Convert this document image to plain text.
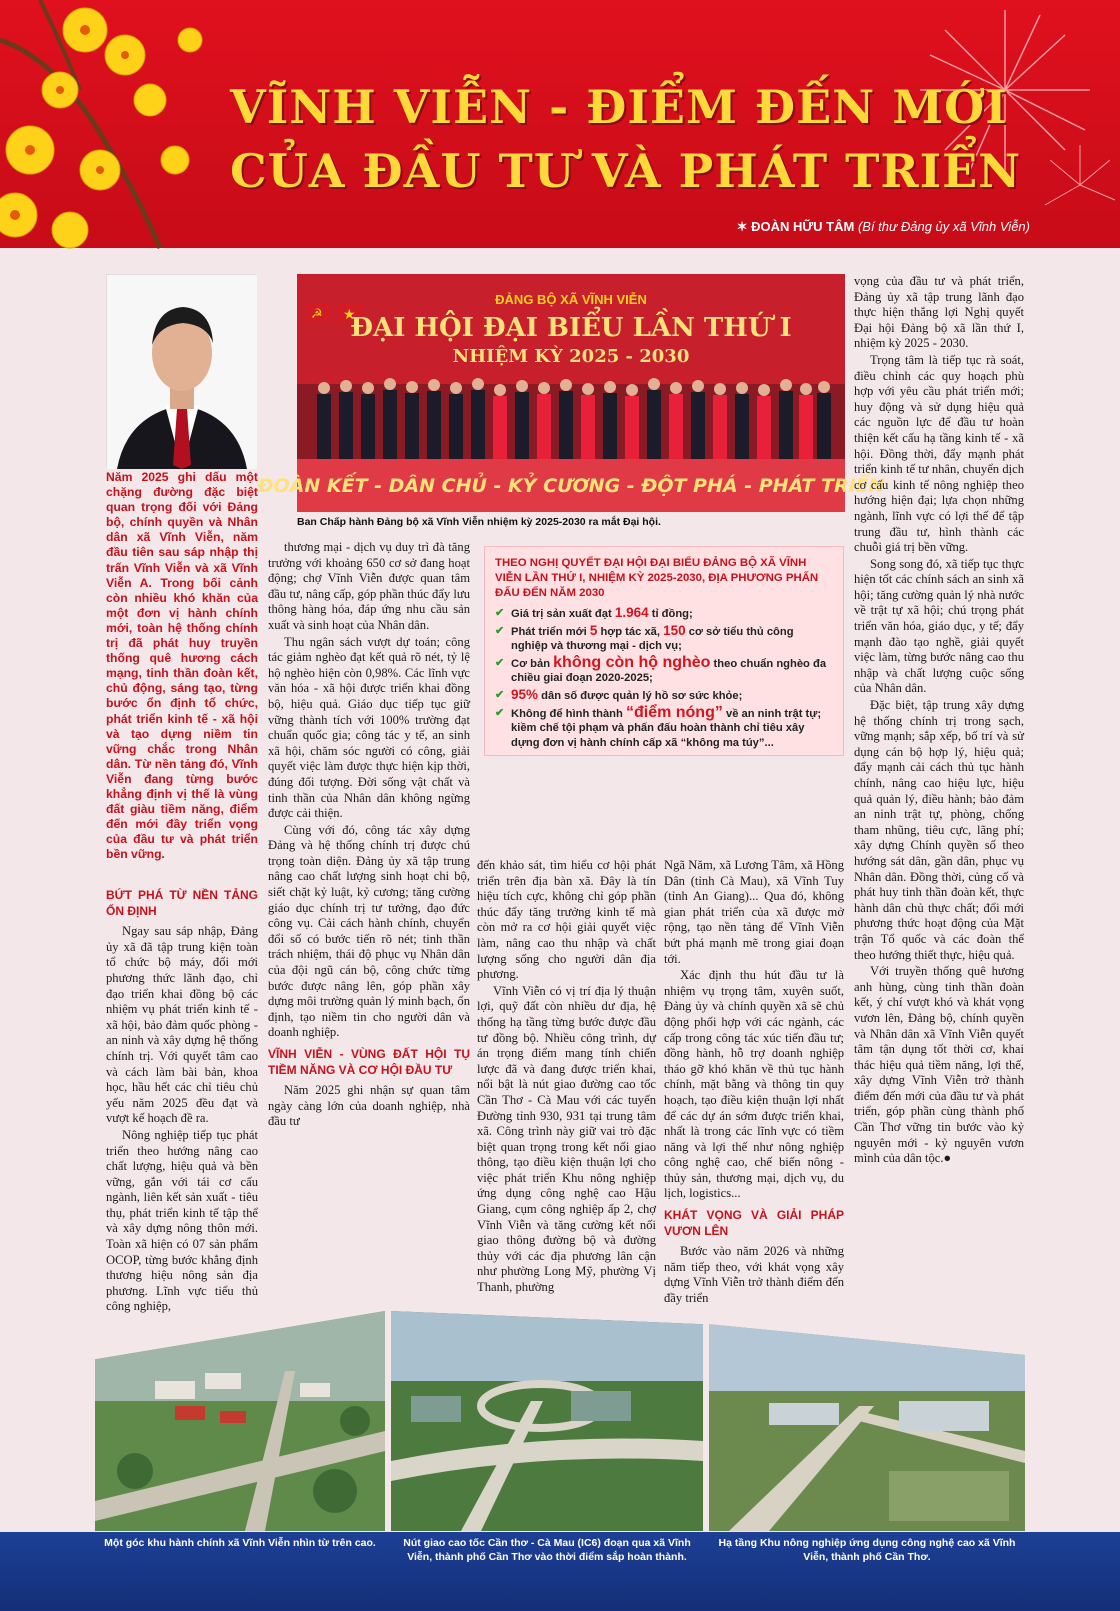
VĨNH VIỄN - ĐIỂM ĐẾN MỚI
CỦA ĐẦU TƯ VÀ PHÁT TRIỂN
✶ ĐOÀN HỮU TÂM (Bí thư Đảng ủy xã Vĩnh Viễn)
☭ ★
ĐẢNG BỘ XÃ VĨNH VIỄN
ĐẠI HỘI ĐẠI BIỂU LẦN THỨ I
NHIỆM KỲ 2025 - 2030
ĐOÀN KẾT - DÂN CHỦ - KỶ CƯƠNG - ĐỘT PHÁ - PHÁT TRIỂN
Ban Chấp hành Đảng bộ xã Vĩnh Viễn nhiệm kỳ 2025-2030 ra mắt Đại hội.
Năm 2025 ghi dấu một chặng đường đặc biệt quan trọng đối với Đảng bộ, chính quyền và Nhân dân xã Vĩnh Viễn, năm đầu tiên sau sáp nhập thị trấn Vĩnh Viễn và xã Vĩnh Viễn A. Trong bối cảnh còn nhiều khó khăn của một đơn vị hành chính mới, toàn hệ thống chính trị đã phát huy truyền thống quê hương cách mạng, tinh thần đoàn kết, chủ động, sáng tạo, từng bước ổn định tổ chức, phát triển kinh tế - xã hội và tạo dựng niềm tin vững chắc trong Nhân dân. Từ nền tảng đó, Vĩnh Viễn đang từng bước khẳng định vị thế là vùng đất giàu tiềm năng, điểm đến mới đầy triển vọng của đầu tư và phát triển bền vững.
BỨT PHÁ TỪ NỀN TẢNG ỔN ĐỊNH

Ngay sau sáp nhập, Đảng ủy xã đã tập trung kiện toàn tổ chức bộ máy, đổi mới phương thức lãnh đạo, chỉ đạo triển khai đồng bộ các nhiệm vụ phát triển kinh tế - xã hội, bảo đảm quốc phòng - an ninh và xây dựng hệ thống chính trị. Với quyết tâm cao và cách làm bài bản, khoa học, hầu hết các chỉ tiêu chủ yếu năm 2025 đều đạt và vượt kế hoạch đề ra.

Nông nghiệp tiếp tục phát triển theo hướng nâng cao chất lượng, hiệu quả và bền vững, gắn với tái cơ cấu ngành, liên kết sản xuất - tiêu thụ, phát triển kinh tế tập thể và xây dựng nông thôn mới. Toàn xã hiện có 07 sản phẩm OCOP, từng bước khẳng định thương hiệu nông sản địa phương. Lĩnh vực tiểu thủ công nghiệp,

thương mại - dịch vụ duy trì đà tăng trưởng với khoảng 650 cơ sở đang hoạt động; chợ Vĩnh Viễn được quan tâm đầu tư, nâng cấp, góp phần thúc đẩy lưu thông hàng hóa, đáp ứng nhu cầu sản xuất và sinh hoạt của Nhân dân.

Thu ngân sách vượt dự toán; công tác giảm nghèo đạt kết quả rõ nét, tỷ lệ hộ nghèo hiện còn 0,98%. Các lĩnh vực văn hóa - xã hội được triển khai đồng bộ, hiệu quả. Giáo dục tiếp tục giữ vững thành tích với 100% trường đạt chuẩn quốc gia; công tác y tế, an sinh xã hội, chăm sóc người có công, giải quyết việc làm được thực hiện kịp thời, đúng đối tượng. Đời sống vật chất và tinh thần của Nhân dân không ngừng được cải thiện.

Cùng với đó, công tác xây dựng Đảng và hệ thống chính trị được chú trọng toàn diện. Đảng ủy xã tập trung nâng cao chất lượng sinh hoạt chi bộ, siết chặt kỷ luật, kỷ cương; tăng cường giáo dục chính trị tư tưởng, đạo đức công vụ. Cải cách hành chính, chuyển đổi số có bước tiến rõ nét; tinh thần trách nhiệm, thái độ phục vụ Nhân dân của đội ngũ cán bộ, công chức từng bước được nâng lên, góp phần xây dựng môi trường quản lý minh bạch, ổn định, tạo niềm tin cho người dân và doanh nghiệp.

VĨNH VIỄN - VÙNG ĐẤT HỘI TỤ TIỀM NĂNG VÀ CƠ HỘI ĐẦU TƯ

Năm 2025 ghi nhận sự quan tâm ngày càng lớn của doanh nghiệp, nhà đầu tư

THEO NGHỊ QUYẾT ĐẠI HỘI ĐẠI BIỂU ĐẢNG BỘ XÃ VĨNH VIỄN LẦN THỨ I, NHIỆM KỲ 2025-2030, ĐỊA PHƯƠNG PHẤN ĐẤU ĐẾN NĂM 2030
✔ Giá trị sản xuất đạt 1.964 tỉ đồng;
✔ Phát triển mới 5 hợp tác xã, 150 cơ sở tiểu thủ công nghiệp và thương mại - dịch vụ;
✔ Cơ bản không còn hộ nghèo theo chuẩn nghèo đa chiều giai đoạn 2020-2025;
✔ 95% dân số được quản lý hồ sơ sức khỏe;
✔ Không để hình thành “điểm nóng” về an ninh trật tự; kiềm chế tội phạm và phấn đấu hoàn thành chỉ tiêu xây dựng đơn vị hành chính cấp xã “không ma túy”...

đến khảo sát, tìm hiểu cơ hội phát triển trên địa bàn xã. Đây là tín hiệu tích cực, không chỉ góp phần thúc đẩy tăng trưởng kinh tế mà còn mở ra cơ hội giải quyết việc làm, nâng cao thu nhập và chất lượng sống cho người dân địa phương.

Vĩnh Viễn có vị trí địa lý thuận lợi, quỹ đất còn nhiều dư địa, hệ thống hạ tầng từng bước được đầu tư đồng bộ. Nhiều công trình, dự án trọng điểm mang tính chiến lược đã và đang được triển khai, nổi bật là nút giao đường cao tốc Cần Thơ - Cà Mau với các tuyến Đường tỉnh 930, 931 tại trung tâm xã. Công trình này giữ vai trò đặc biệt quan trọng trong kết nối giao thông, tạo điều kiện thuận lợi cho việc phát triển Khu nông nghiệp ứng dụng công nghệ cao Hậu Giang, cụm công nghiệp ấp 2, chợ Vĩnh Viễn và tăng cường kết nối giao thông đường bộ và đường thủy với các địa phương lân cận như phường Long Mỹ, phường Vị Thanh, phường

Ngã Năm, xã Lương Tâm, xã Hồng Dân (tỉnh Cà Mau), xã Vĩnh Tuy (tỉnh An Giang)... Qua đó, không gian phát triển của xã được mở rộng, tạo nền tảng để Vĩnh Viễn bứt phá mạnh mẽ trong giai đoạn tới.

Xác định thu hút đầu tư là nhiệm vụ trọng tâm, xuyên suốt, Đảng ủy và chính quyền xã sẽ chủ động phối hợp với các ngành, các cấp trong công tác xúc tiến đầu tư; đồng hành, hỗ trợ doanh nghiệp tháo gỡ khó khăn về thủ tục hành chính, mặt bằng và thông tin quy hoạch, tạo điều kiện thuận lợi nhất để các dự án sớm được triển khai, nhất là trong các lĩnh vực có tiềm năng và lợi thế như nông nghiệp công nghệ cao, chế biến nông - thủy sản, thương mại, dịch vụ, du lịch, logistics...

KHÁT VỌNG VÀ GIẢI PHÁP VƯƠN LÊN

Bước vào năm 2026 và những năm tiếp theo, với khát vọng xây dựng Vĩnh Viễn trở thành điểm đến đầy triển

vọng của đầu tư và phát triển, Đảng ủy xã tập trung lãnh đạo thực hiện thắng lợi Nghị quyết Đại hội Đảng bộ xã lần thứ I, nhiệm kỳ 2025 - 2030.

Trọng tâm là tiếp tục rà soát, điều chỉnh các quy hoạch phù hợp với yêu cầu phát triển mới; huy động và sử dụng hiệu quả các nguồn lực để đầu tư hoàn thiện kết cấu hạ tầng kinh tế - xã hội. Đồng thời, đẩy mạnh phát triển kinh tế tư nhân, chuyển dịch cơ cấu kinh tế nông nghiệp theo hướng hiện đại; lựa chọn những ngành, lĩnh vực có lợi thế để tập trung đầu tư, hình thành các chuỗi giá trị bền vững.

Song song đó, xã tiếp tục thực hiện tốt các chính sách an sinh xã hội; tăng cường quản lý nhà nước về trật tự xã hội; chú trọng phát triển văn hóa, giáo dục, y tế; đẩy mạnh đào tạo nghề, giải quyết việc làm, từng bước nâng cao thu nhập và chất lượng cuộc sống của Nhân dân.

Đặc biệt, tập trung xây dựng hệ thống chính trị trong sạch, vững mạnh; sắp xếp, bố trí và sử dụng cán bộ hợp lý, hiệu quả; đẩy mạnh cải cách thủ tục hành chính, nâng cao hiệu lực, hiệu quả quản lý, điều hành; bảo đảm an ninh trật tự, phòng, chống tham nhũng, tiêu cực, lãng phí; xây dựng Chính quyền số theo hướng sát dân, gần dân, phục vụ Nhân dân. Đồng thời, củng cố và phát huy tinh thần đoàn kết, thực hành dân chủ thực chất; đổi mới phương thức hoạt động của Mặt trận Tổ quốc và các đoàn thể theo hướng thiết thực, hiệu quả.

Với truyền thống quê hương anh hùng, cùng tinh thần đoàn kết, ý chí vượt khó và khát vọng vươn lên, Đảng bộ, chính quyền và Nhân dân xã Vĩnh Viễn quyết tâm tận dụng tốt thời cơ, khai thác hiệu quả tiềm năng, lợi thế, xây dựng Vĩnh Viễn trở thành điểm đến mới của đầu tư và phát triển, góp phần cùng thành phố Cần Thơ vững tin bước vào kỷ nguyên mới - kỷ nguyên vươn mình của dân tộc.●

Một góc khu hành chính xã Vĩnh Viễn nhìn từ trên cao.	Nút giao cao tốc Cần thơ - Cà Mau (IC6) đoạn qua xã Vĩnh Viễn, thành phố Cần Thơ vào thời điểm sắp hoàn thành.
Hạ tầng Khu nông nghiệp ứng dụng công nghệ cao xã Vĩnh Viễn, thành phố Cần Thơ.
